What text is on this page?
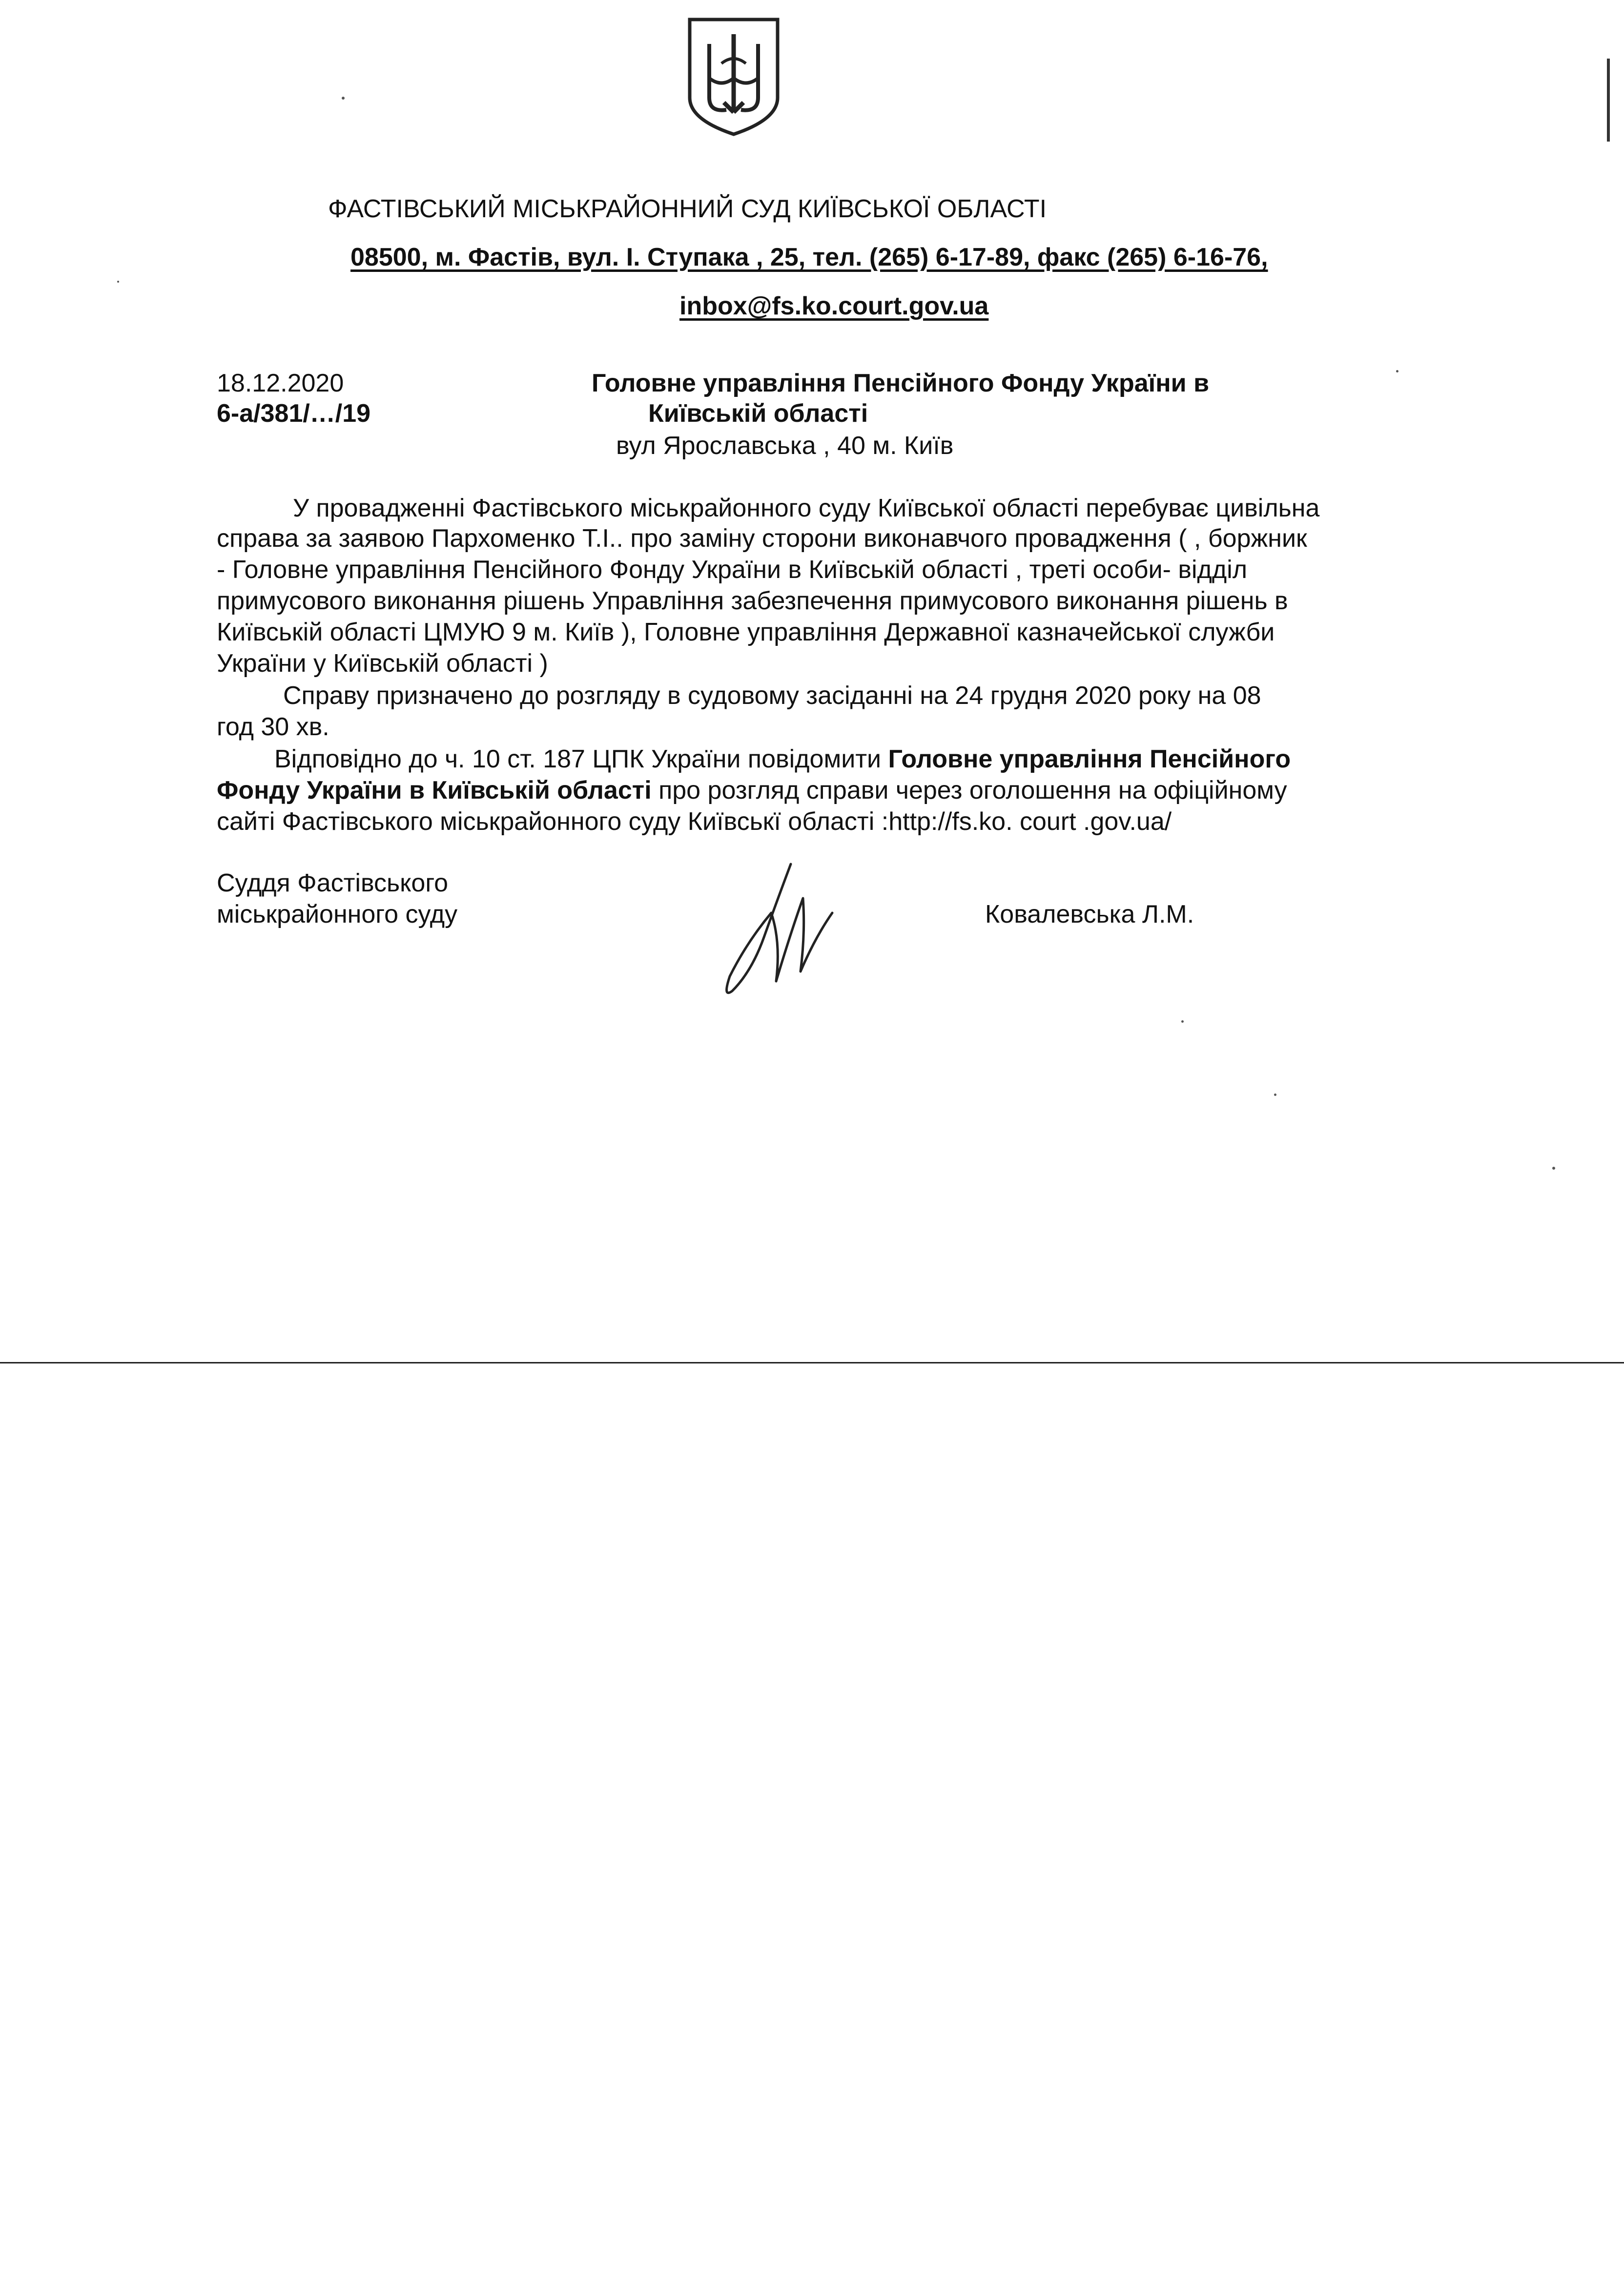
ФАСТІВСЬКИЙ МІСЬКРАЙОННИЙ СУД КИЇВСЬКОЇ ОБЛАСТІ
08500, м. Фастів, вул. І. Ступака , 25, тел. (265) 6-17-89, факс (265) 6-16-76,
inbox@fs.ko.court.gov.ua
18.12.2020
6-а/381/…/19
Головне управління Пенсійного Фонду України в
Київській області
вул Ярославська , 40 м. Київ
У провадженні Фастівського міськрайонного суду Київської області перебуває цивільна
справа за заявою Пархоменко Т.І.. про заміну сторони виконавчого провадження ( , боржник
- Головне управління Пенсійного Фонду України в Київській області , треті особи- відділ
примусового виконання рішень Управління забезпечення примусового виконання рішень в
Київській області ЦМУЮ 9 м. Київ ), Головне управління Державної казначейської служби
України у Київській області )
Справу призначено до розгляду в судовому засіданні на 24 грудня 2020 року на 08
год 30 хв.
Відповідно до ч. 10 ст. 187 ЦПК України повідомити Головне управління Пенсійного
Фонду України в Київській області про розгляд справи через оголошення на офіційному
сайті Фастівського міськрайонного суду Київськї області :http://fs.ko. court .gov.ua/
Суддя Фастівського
міськрайонного суду	Ковалевська Л.М.
